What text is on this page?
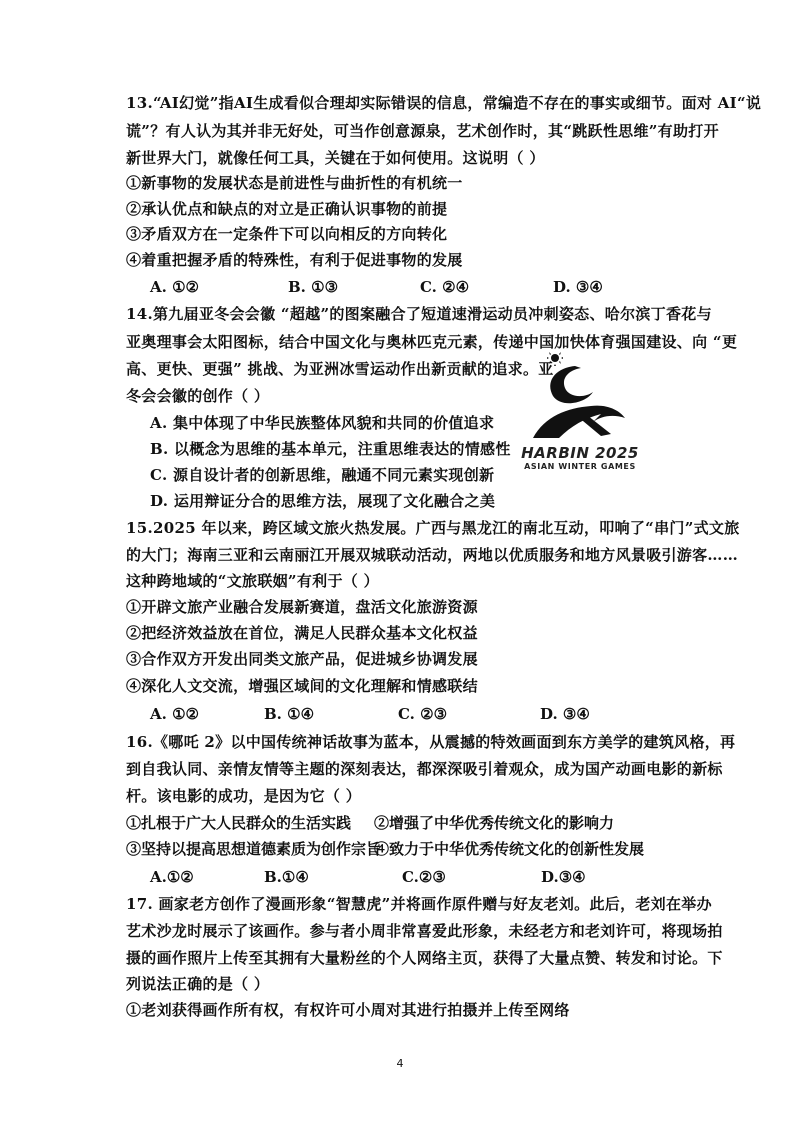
13.“AI幻觉”指AI生成看似合理却实际错误的信息，常编造不存在的事实或细节。面对 AI“说
谎”？有人认为其并非无好处，可当作创意源泉，艺术创作时，其“跳跃性思维”有助打开
新世界大门，就像任何工具，关键在于如何使用。这说明（ ）
①新事物的发展状态是前进性与曲折性的有机统一
②承认优点和缺点的对立是正确认识事物的前提
③矛盾双方在一定条件下可以向相反的方向转化
④着重把握矛盾的特殊性，有利于促进事物的发展
A. ①②	B. ①③	C. ②④	D. ③④
14.第九届亚冬会会徽 “超越”的图案融合了短道速滑运动员冲刺姿态、哈尔滨丁香花与
亚奥理事会太阳图标，结合中国文化与奥林匹克元素，传递中国加快体育强国建设、向 “更
高、更快、更强” 挑战、为亚洲冰雪运动作出新贡献的追求。亚
冬会会徽的创作（ ）
A. 集中体现了中华民族整体风貌和共同的价值追求
B. 以概念为思维的基本单元，注重思维表达的情感性
C. 源自设计者的创新思维，融通不同元素实现创新
D. 运用辩证分合的思维方法，展现了文化融合之美
HARBIN 2025
ASIAN WINTER GAMES
15.2025 年以来，跨区域文旅火热发展。广西与黑龙江的南北互动，叩响了“串门”式文旅
的大门；海南三亚和云南丽江开展双城联动活动，两地以优质服务和地方风景吸引游客……
这种跨地域的“文旅联姻”有利于（ ）
①开辟文旅产业融合发展新赛道，盘活文化旅游资源
②把经济效益放在首位，满足人民群众基本文化权益
③合作双方开发出同类文旅产品，促进城乡协调发展
④深化人文交流，增强区域间的文化理解和情感联结
A. ①②	B. ①④	C. ②③	D. ③④
16.《哪吒 2》以中国传统神话故事为蓝本，从震撼的特效画面到东方美学的建筑风格，再
到自我认同、亲情友情等主题的深刻表达，都深深吸引着观众，成为国产动画电影的新标
杆。该电影的成功，是因为它（ ）
①扎根于广大人民群众的生活实践 ②增强了中华优秀传统文化的影响力
③坚持以提高思想道德素质为创作宗旨
④致力于中华优秀传统文化的创新性发展
A.①②	B.①④	C.②③	D.③④
17. 画家老方创作了漫画形象“智慧虎”并将画作原件赠与好友老刘。此后，老刘在举办
艺术沙龙时展示了该画作。参与者小周非常喜爱此形象，未经老方和老刘许可，将现场拍
摄的画作照片上传至其拥有大量粉丝的个人网络主页，获得了大量点赞、转发和讨论。下
列说法正确的是（ ）
①老刘获得画作所有权，有权许可小周对其进行拍摄并上传至网络
4
